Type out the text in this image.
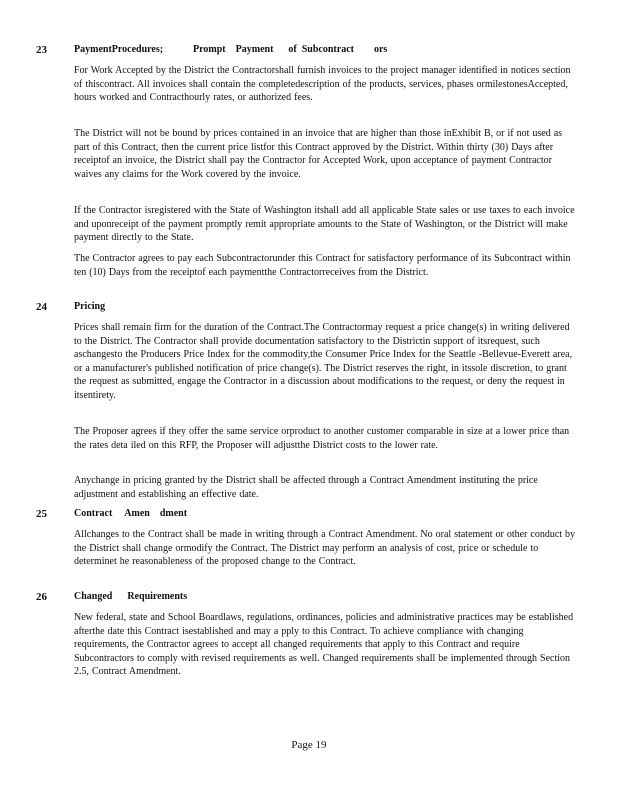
23	PaymentProcedures;            Prompt    Payment      of  Subcontract        ors

For Work Accepted by the District the Contractorshall furnish invoices to the project manager identified in notices section of thiscontract. All invoices shall contain the completedescription of the products, services, phases ormilestonesAccepted, hours worked and Contracthourly rates, or authorized fees.

The District will not be bound by prices contained in an invoice that are higher than those inExhibit B, or if not used as part of this Contract, then the current price listfor this Contract approved by the District. Within thirty (30) Days after receiptof an invoice, the District shall pay the Contractor for Accepted Work, upon acceptance of payment Contractor waives any claims for the Work covered by the invoice.

If the Contractor isregistered with the State of Washington itshall add all applicable State sales or use taxes to each invoice and uponreceipt of the payment promptly remit appropriate amounts to the State of Washington, or the District will make payment directly to the State.

The Contractor agrees to pay each Subcontractorunder this Contract for satisfactory performance of its Subcontract within ten (10) Days from the receiptof each paymentthe Contractorreceives from the District.

24	Pricing

Prices shall remain firm for the duration of the Contract.The Contractormay request a price change(s) in writing delivered to the District. The Contractor shall provide documentation satisfactory to the Districtin support of itsrequest, such aschangesto the Producers Price Index for the commodity,the Consumer Price Index for the Seattle -Bellevue-Everett area, or a manufacturer's published notification of price change(s). The District reserves the right, in itssole discretion, to grant the request as submitted, engage the Contractor in a discussion about modifications to the request, or deny the request in itsentirety.

The Proposer agrees if they offer the same service orproduct to another customer comparable in size at a lower price than the rates deta iled on this RFP, the Proposer will adjustthe District costs to the lower rate.

Anychange in pricing granted by the District shall be affected through a Contract Amendment instituting the price adjustment and establishing an effective date.

25	Contract     Amen    dment

Allchanges to the Contract shall be made in writing through a Contract Amendment. No oral statement or other conduct by the District shall change ormodify the Contract. The District may perform an analysis of cost, price or schedule to determinet he reasonableness of the proposed change to the Contract.

26	Changed      Requirements

New federal, state and School Boardlaws, regulations, ordinances, policies and administrative practices may be established afterthe date this Contract isestablished and may a pply to this Contract. To achieve compliance with changing requirements, the Contractor agrees to accept all changed requirements that apply to this Contract and require Subcontractors to comply with revised requirements as well. Changed requirements shall be implemented through Section 2.5, Contract Amendment.

Page 19
